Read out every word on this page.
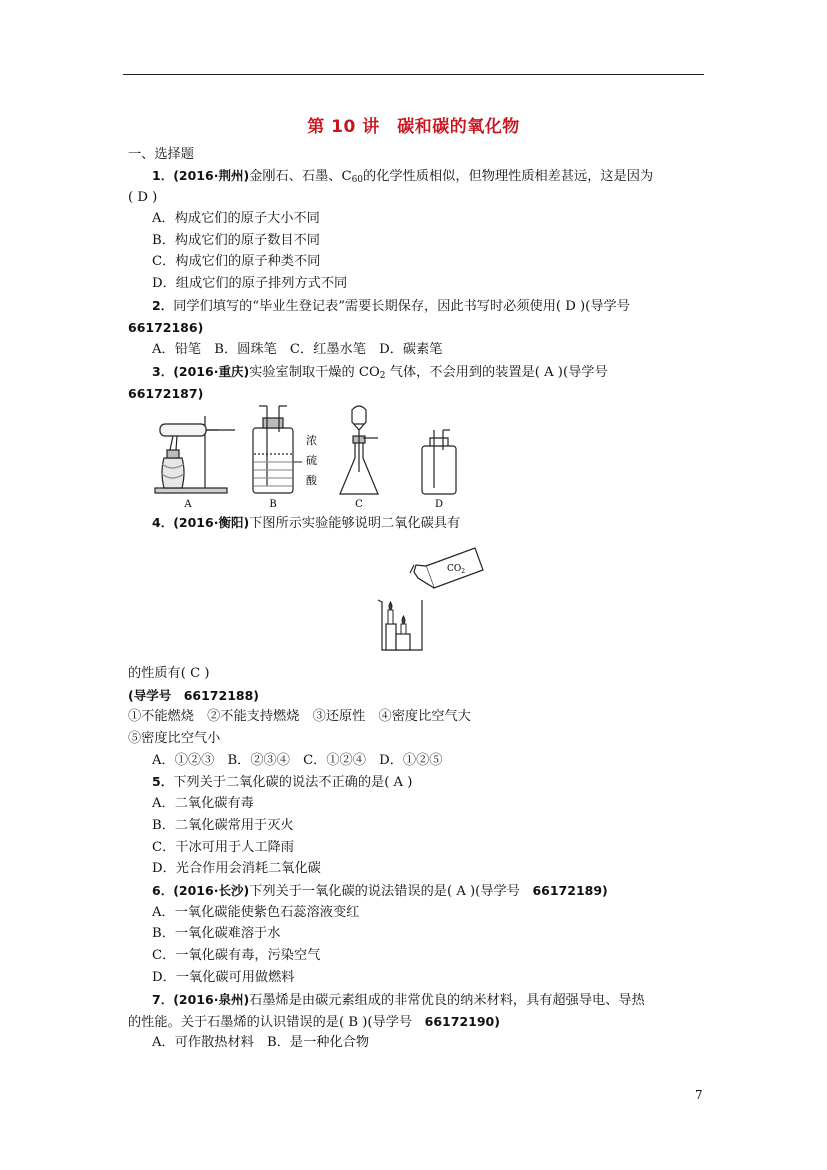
第 10 讲　碳和碳的氧化物
一、选择题
1．(2016·荆州)金刚石、石墨、$C_{60}$的化学性质相似，但物理性质相差甚远，这是因为
( D )
A．构成它们的原子大小不同
B．构成它们的原子数目不同
C．构成它们的原子种类不同
D．组成它们的原子排列方式不同
2．同学们填写的“毕业生登记表”需要长期保存，因此书写时必须使用( D )(导学号
66172186)
A．铅笔　B．圆珠笔　C．红墨水笔　D．碳素笔
3．(2016·重庆)实验室制取干燥的 $CO_2$ 气体，不会用到的装置是( A )(导学号
66172187)
A	B	C	D
浓
硫
酸
4．(2016·衡阳)下图所示实验能够说明二氧化碳具有
$CO_2$
的性质有( C )
(导学号　66172188)
①不能燃烧　②不能支持燃烧　③还原性　④密度比空气大
⑤密度比空气小
A．①②③　B．②③④　C．①②④　D．①②⑤
5．下列关于二氧化碳的说法不正确的是( A )
A．二氧化碳有毒
B．二氧化碳常用于灭火
C．干冰可用于人工降雨
D．光合作用会消耗二氧化碳
6．(2016·长沙)下列关于一氧化碳的说法错误的是( A )(导学号 66172189)
A．一氧化碳能使紫色石蕊溶液变红
B．一氧化碳难溶于水
C．一氧化碳有毒，污染空气
D．一氧化碳可用做燃料
7．(2016·泉州)石墨烯是由碳元素组成的非常优良的纳米材料，具有超强导电、导热
的性能。关于石墨烯的认识错误的是( B )(导学号 66172190)
A．可作散热材料　B．是一种化合物
7
